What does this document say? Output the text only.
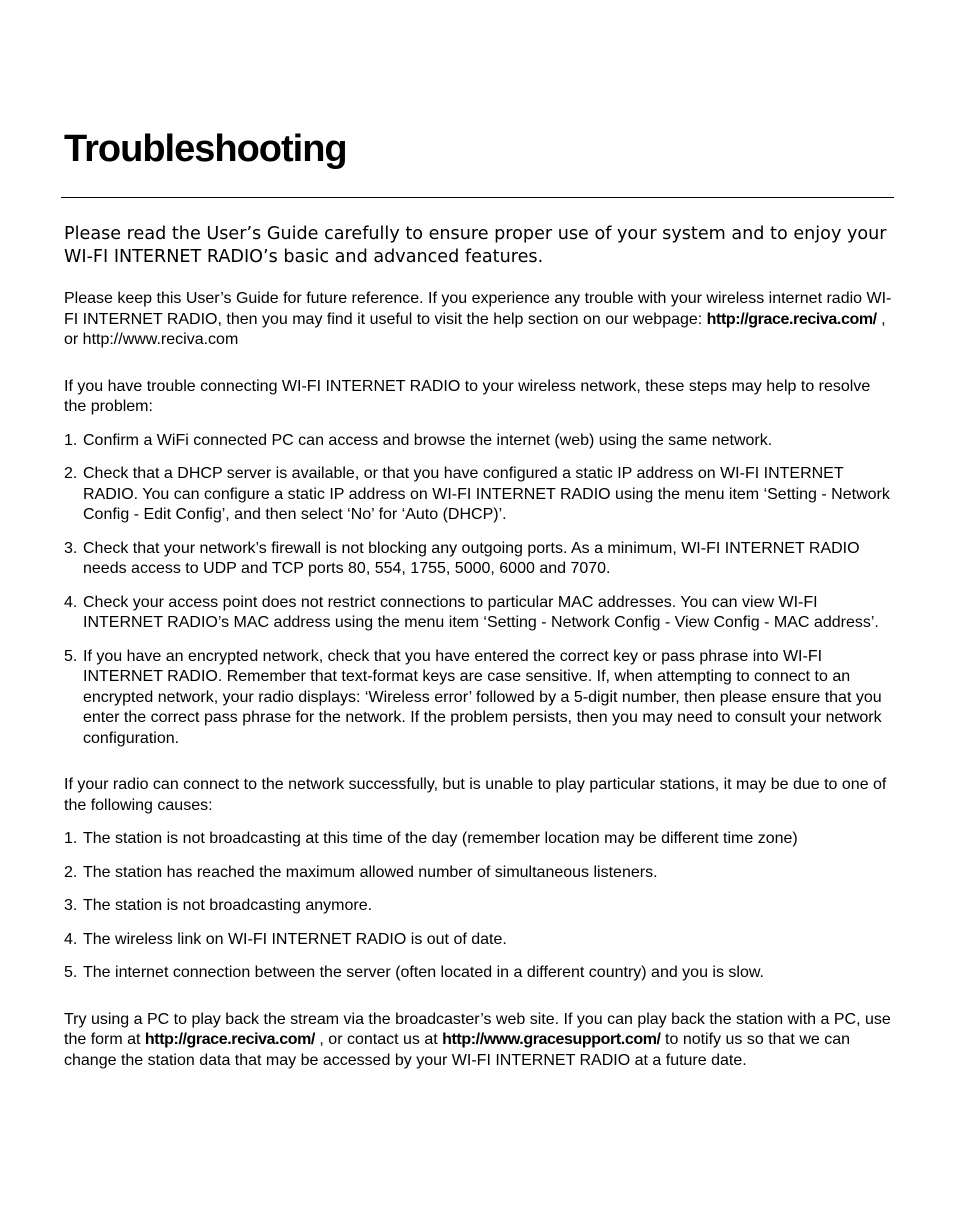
Troubleshooting

Please read the User’s Guide carefully to ensure proper use of your system and to enjoy your WI-FI INTERNET RADIO’s basic and advanced features.

Please keep this User’s Guide for future reference. If you experience any trouble with your wireless internet radio WI-FI INTERNET RADIO, then you may find it useful to visit the help section on our webpage: http://grace.reciva.com/ , or http://www.reciva.com

If you have trouble connecting WI-FI INTERNET RADIO to your wireless network, these steps may help to resolve the problem:

1. Confirm a WiFi connected PC can access and browse the internet (web) using the same network.
2. Check that a DHCP server is available, or that you have configured a static IP address on WI-FI INTERNET RADIO. You can configure a static IP address on WI-FI INTERNET RADIO using the menu item ‘Setting - Network Config - Edit Config’, and then select ‘No’ for ‘Auto (DHCP)’.
3. Check that your network’s firewall is not blocking any outgoing ports. As a minimum, WI-FI INTERNET RADIO needs access to UDP and TCP ports 80, 554, 1755, 5000, 6000 and 7070.
4. Check your access point does not restrict connections to particular MAC addresses. You can view WI-FI INTERNET RADIO’s MAC address using the menu item ‘Setting - Network Config - View Config - MAC address’.
5. If you have an encrypted network, check that you have entered the correct key or pass phrase into WI-FI INTERNET RADIO. Remember that text-format keys are case sensitive. If, when attempting to connect to an encrypted network, your radio displays: ‘Wireless error’ followed by a 5-digit number, then please ensure that you enter the correct pass phrase for the network. If the problem persists, then you may need to consult your network configuration.

If your radio can connect to the network successfully, but is unable to play particular stations, it may be due to one of the following causes:

1. The station is not broadcasting at this time of the day (remember location may be different time zone)
2. The station has reached the maximum allowed number of simultaneous listeners.
3. The station is not broadcasting anymore.
4. The wireless link on WI-FI INTERNET RADIO is out of date.
5. The internet connection between the server (often located in a different country) and you is slow.

Try using a PC to play back the stream via the broadcaster’s web site. If you can play back the station with a PC, use the form at http://grace.reciva.com/ , or contact us at http://www.gracesupport.com/ to notify us so that we can change the station data that may be accessed by your WI-FI INTERNET RADIO at a future date.
